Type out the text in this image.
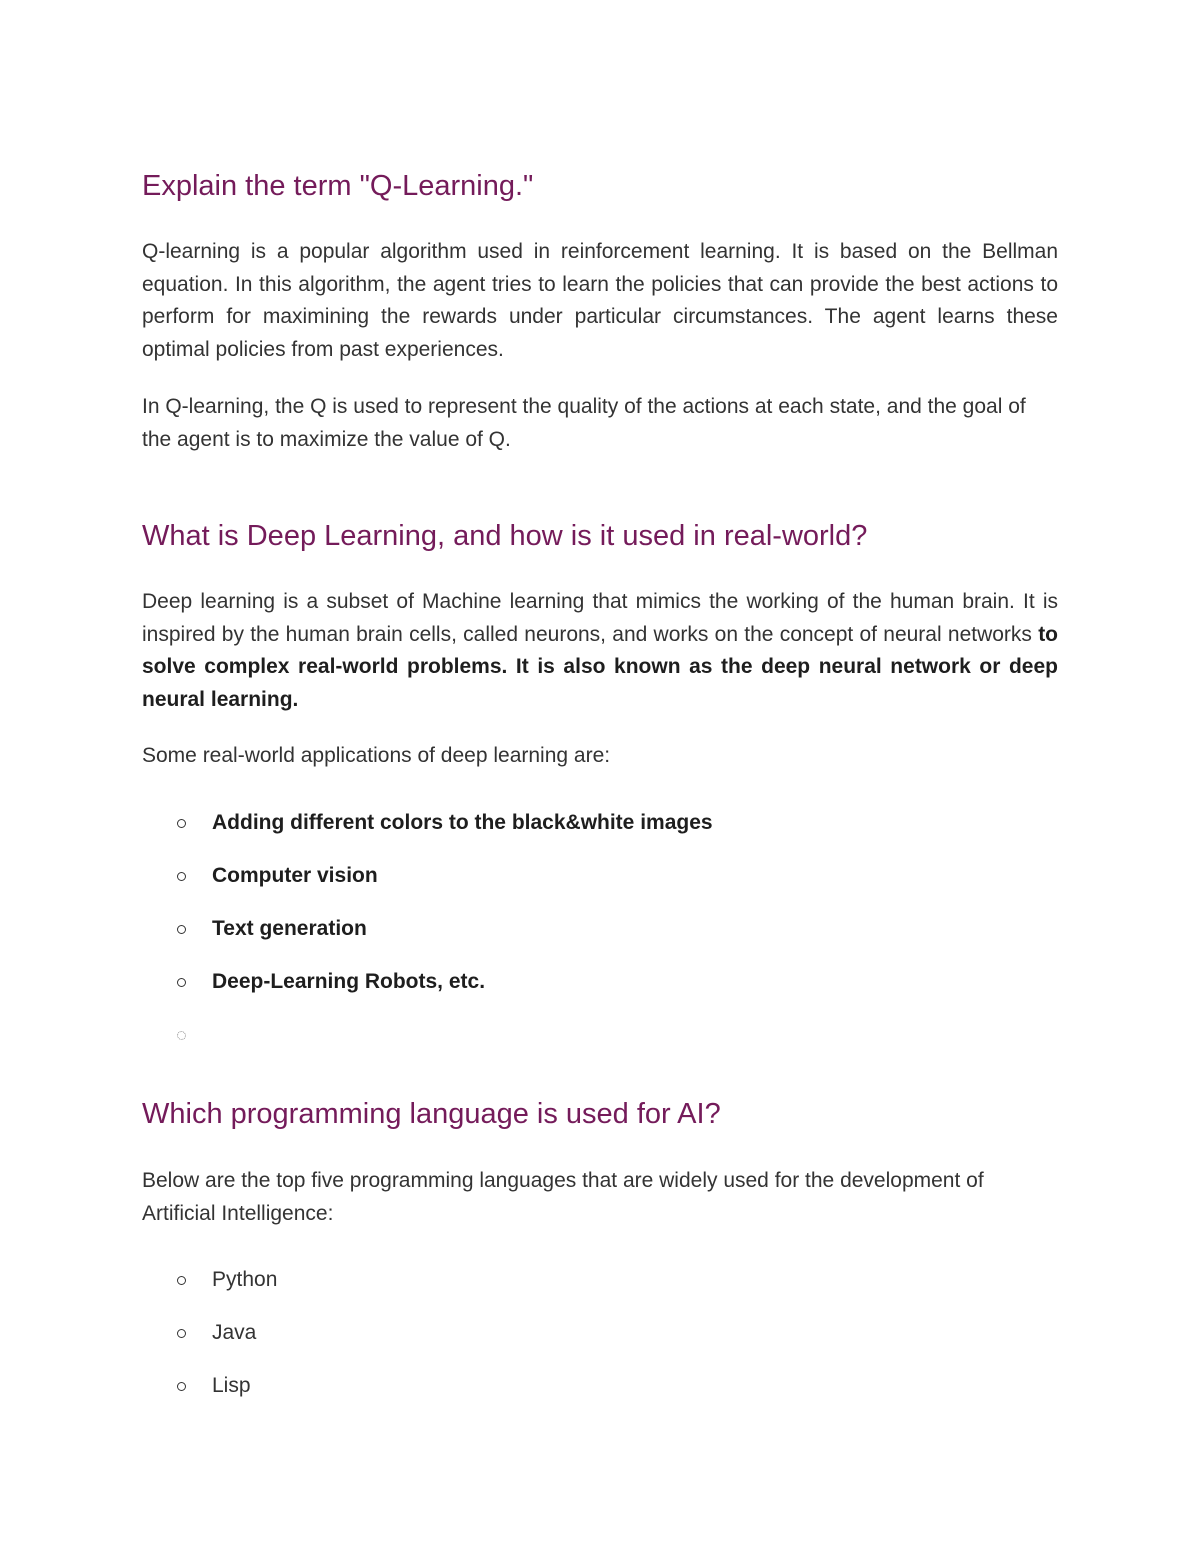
Explain the term "Q-Learning."

Q-learning is a popular algorithm used in reinforcement learning. It is based on the Bellman equation. In this algorithm, the agent tries to learn the policies that can provide the best actions to perform for maximining the rewards under particular circumstances. The agent learns these optimal policies from past experiences.

In Q-learning, the Q is used to represent the quality of the actions at each state, and the goal of the agent is to maximize the value of Q.

What is Deep Learning, and how is it used in real-world?

Deep learning is a subset of Machine learning that mimics the working of the human brain. It is inspired by the human brain cells, called neurons, and works on the concept of neural networks to solve complex real-world problems. It is also known as the deep neural network or deep neural learning.

Some real-world applications of deep learning are:

Adding different colors to the black&white images
Computer vision
Text generation
Deep-Learning Robots, etc.
Which programming language is used for AI?

Below are the top five programming languages that are widely used for the development of Artificial Intelligence:

Python
Java
Lisp
